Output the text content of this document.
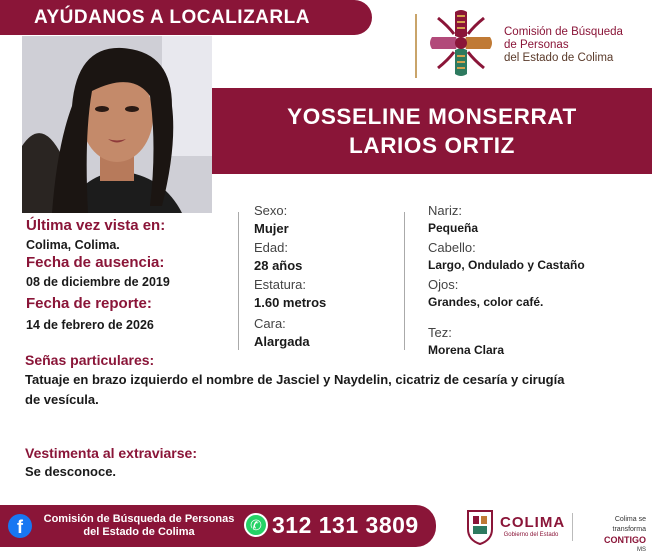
AYÚDANOS A LOCALIZARLA
Comisión de Búsqueda
de Personas
del Estado de Colima
YOSSELINE MONSERRAT
LARIOS ORTIZ
Última vez vista en:
Colima, Colima.
Fecha de ausencia:
08 de diciembre de 2019
Fecha de reporte:
14 de febrero de 2026
Sexo:
Mujer
Edad:
28 años
Estatura:
1.60 metros
Cara:
Alargada
Nariz:
Pequeña
Cabello:
Largo, Ondulado y Castaño
Ojos:
Grandes, color café.
Tez:
Morena Clara
Señas particulares:
Tatuaje en brazo izquierdo el nombre de Jasciel y Naydelin, cicatriz de cesaría y cirugía
de vesícula.
Vestimenta al extraviarse:
Se desconoce.
f	Comisión de Búsqueda de Personas
del Estado de Colima	✆ 312 131 3809	COLIMA
Gobierno del Estado
Colima se transforma
CONTIGO
MS
